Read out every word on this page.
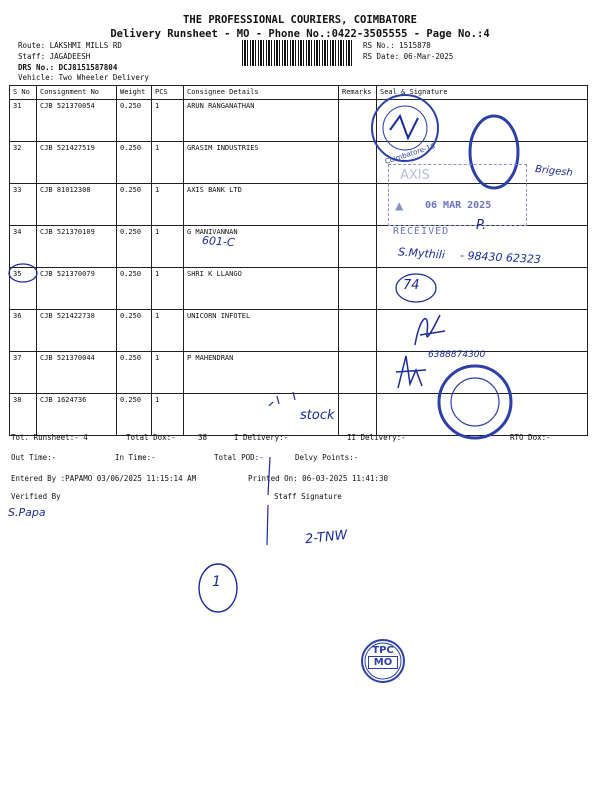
THE PROFESSIONAL COURIERS, COIMBATORE
Delivery Runsheet - MO - Phone No.:0422-3505555 - Page No.:4
Route: LAKSHMI MILLS RD
Staff: JAGADEESH
DRS No.: DCJ8151587804
Vehicle: Two Wheeler Delivery
RS No.: 1515878
RS Date: 06-Mar-2025
S No	Consignment No	Weight	PCS	Consignee Details	Remarks	Seal & Signature
31	CJB 521370054	0.250	1	ARUN RANGANATHAN		
32	CJB 521427519	0.250	1	GRASIM INDUSTRIES		
33	CJB 81012308	0.250	1	AXIS BANK LTD		
34	CJB 521370109	0.250	1	G MANIVANNAN		
35	CJB 521370079	0.250	1	SHRI K LLANGO		
36	CJB 521422738	0.250	1	UNICORN INFOTEL		
37	CJB 521370044	0.250	1	P MAHENDRAN		
38	CJB 1624736	0.250	1			
Coimbatore-18
Brigesh
AXIS
▲ 06 MAR 2025
RECEIVED P.
601-C
S.Mythili - 98430 62323
74
6388874300
stock
Tot. Runsheet:- 4	Total Dox:-	38	I Delivery:-	II Delivery:-	RTO Dox:-
Out Time:-	In Time:-	Total POD:-	Delvy Points:-
Entered By :PAPAMO 03/06/2025 11:15:14 AM	Printed On: 06-03-2025 11:41:30
Verified By	Staff Signature
S.Papa
2-TNW
1
TPC
MO
